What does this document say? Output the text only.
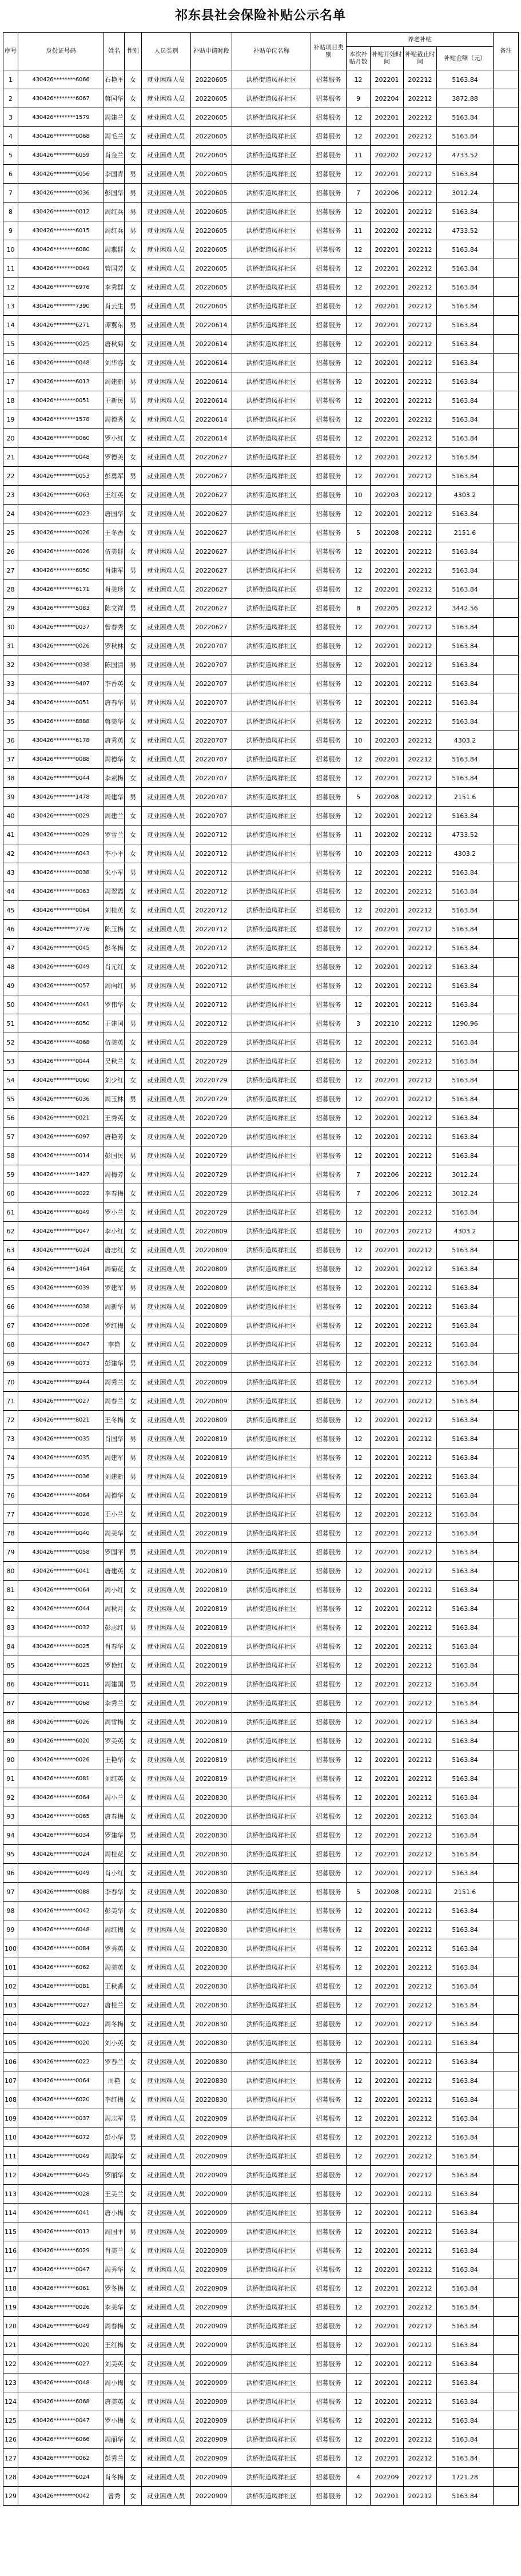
祁东县社会保险补贴公示名单
序号	身份证号码	姓名	性别	人员类别	补贴申请时段	补贴单位名称	补贴项目类别	养老补贴				备注
								本次补贴月数	补贴开始时间	补贴截止时间	补贴金额（元）	
1	430426********6066	石艳平	女	就业困难人员	20220605	洪桥街道凤祥社区	招募服务	12	202201	202212	5163.84	
2	430426********6067	蒋园华	女	就业困难人员	20220605	洪桥街道凤祥社区	招募服务	9	202204	202212	3872.88	
3	430426********1579	周建兰	女	就业困难人员	20220605	洪桥街道凤祥社区	招募服务	12	202201	202212	5163.84	
4	430426********0068	周毛兰	女	就业困难人员	20220605	洪桥街道凤祥社区	招募服务	12	202201	202212	5163.84	
5	430426********6059	肖金兰	女	就业困难人员	20220605	洪桥街道凤祥社区	招募服务	11	202202	202212	4733.52	
6	430426********0056	李国青	男	就业困难人员	20220605	洪桥街道凤祥社区	招募服务	12	202201	202212	5163.84	
7	430426********0036	彭国华	男	就业困难人员	20220605	洪桥街道凤祥社区	招募服务	7	202206	202212	3012.24	
8	430426********0012	周红兵	男	就业困难人员	20220605	洪桥街道凤祥社区	招募服务	12	202201	202212	5163.84	
9	430426********6015	周红兵	男	就业困难人员	20220605	洪桥街道凤祥社区	招募服务	11	202202	202212	4733.52	
10	430426********6080	周燕群	女	就业困难人员	20220605	洪桥街道凤祥社区	招募服务	12	202201	202212	5163.84	
11	430426********0049	管国芳	女	就业困难人员	20220605	洪桥街道凤祥社区	招募服务	12	202201	202212	5163.84	
12	430426********6976	李秀群	女	就业困难人员	20220605	洪桥街道凤祥社区	招募服务	12	202201	202212	5163.84	
13	430426********7390	肖云生	男	就业困难人员	20220605	洪桥街道凤祥社区	招募服务	12	202201	202212	5163.84	
14	430426********6271	谭翼东	男	就业困难人员	20220614	洪桥街道凤祥社区	招募服务	12	202201	202212	5163.84	
15	430426********0025	唐秋菊	女	就业困难人员	20220614	洪桥街道凤祥社区	招募服务	12	202201	202212	5163.84	
16	430426********0048	刘华容	女	就业困难人员	20220614	洪桥街道凤祥社区	招募服务	12	202201	202212	5163.84	
17	430426********6013	周建新	男	就业困难人员	20220614	洪桥街道凤祥社区	招募服务	12	202201	202212	5163.84	
18	430426********0051	王新民	男	就业困难人员	20220614	洪桥街道凤祥社区	招募服务	12	202201	202212	5163.84	
19	430426********1578	周德秀	女	就业困难人员	20220614	洪桥街道凤祥社区	招募服务	12	202201	202212	5163.84	
20	430426********0060	罗小红	女	就业困难人员	20220614	洪桥街道凤祥社区	招募服务	12	202201	202212	5163.84	
21	430426********0048	罗德美	女	就业困难人员	20220627	洪桥街道凤祥社区	招募服务	12	202201	202212	5163.84	
22	430426********0053	彭勇军	男	就业困难人员	20220627	洪桥街道凤祥社区	招募服务	12	202201	202212	5163.84	
23	430426********6063	王红英	女	就业困难人员	20220627	洪桥街道凤祥社区	招募服务	10	202203	202212	4303.2	
24	430426********6023	唐国华	女	就业困难人员	20220627	洪桥街道凤祥社区	招募服务	12	202201	202212	5163.84	
25	430426********0026	王冬香	女	就业困难人员	20220627	洪桥街道凤祥社区	招募服务	5	202208	202212	2151.6	
26	430426********0026	伍美群	女	就业困难人员	20220627	洪桥街道凤祥社区	招募服务	12	202201	202212	5163.84	
27	430426********6050	肖建军	男	就业困难人员	20220627	洪桥街道凤祥社区	招募服务	12	202201	202212	5163.84	
28	430426********6171	肖美珍	女	就业困难人员	20220627	洪桥街道凤祥社区	招募服务	12	202201	202212	5163.84	
29	430426********5083	陈文祥	男	就业困难人员	20220627	洪桥街道凤祥社区	招募服务	8	202205	202212	3442.56	
30	430426********0037	曾春秀	女	就业困难人员	20220627	洪桥街道凤祥社区	招募服务	12	202201	202212	5163.84	
31	430426********0026	罗秋林	女	就业困难人员	20220707	洪桥街道凤祥社区	招募服务	12	202201	202212	5163.84	
32	430426********0038	陈国清	男	就业困难人员	20220707	洪桥街道凤祥社区	招募服务	12	202201	202212	5163.84	
33	430426********9407	李香英	女	就业困难人员	20220707	洪桥街道凤祥社区	招募服务	12	202201	202212	5163.84	
34	430426********0051	唐春华	男	就业困难人员	20220707	洪桥街道凤祥社区	招募服务	12	202201	202212	5163.84	
35	430426********8888	蒋美华	女	就业困难人员	20220707	洪桥街道凤祥社区	招募服务	12	202201	202212	5163.84	
36	430426********6178	唐秀英	女	就业困难人员	20220707	洪桥街道凤祥社区	招募服务	10	202203	202212	4303.2	
37	430426********0088	周德华	女	就业困难人员	20220707	洪桥街道凤祥社区	招募服务	12	202201	202212	5163.84	
38	430426********0044	李素梅	女	就业困难人员	20220707	洪桥街道凤祥社区	招募服务	12	202201	202212	5163.84	
39	430426********1478	周建华	男	就业困难人员	20220707	洪桥街道凤祥社区	招募服务	5	202208	202212	2151.6	
40	430426********0029	周建兰	女	就业困难人员	20220707	洪桥街道凤祥社区	招募服务	12	202201	202212	5163.84	
41	430426********0029	罗雪兰	女	就业困难人员	20220712	洪桥街道凤祥社区	招募服务	11	202202	202212	4733.52	
42	430426********6043	李小平	女	就业困难人员	20220712	洪桥街道凤祥社区	招募服务	10	202203	202212	4303.2	
43	430426********0038	朱小军	男	就业困难人员	20220712	洪桥街道凤祥社区	招募服务	12	202201	202212	5163.84	
44	430426********0063	周翠霞	女	就业困难人员	20220712	洪桥街道凤祥社区	招募服务	12	202201	202212	5163.84	
45	430426********0064	刘桂英	女	就业困难人员	20220712	洪桥街道凤祥社区	招募服务	12	202201	202212	5163.84	
46	430426********7776	陈玉梅	女	就业困难人员	20220712	洪桥街道凤祥社区	招募服务	12	202201	202212	5163.84	
47	430426********0045	彭冬梅	女	就业困难人员	20220712	洪桥街道凤祥社区	招募服务	12	202201	202212	5163.84	
48	430426********6049	肖元红	女	就业困难人员	20220712	洪桥街道凤祥社区	招募服务	12	202201	202212	5163.84	
49	430426********0057	周向红	男	就业困难人员	20220712	洪桥街道凤祥社区	招募服务	12	202201	202212	5163.84	
50	430426********6041	罗伟华	女	就业困难人员	20220712	洪桥街道凤祥社区	招募服务	12	202201	202212	5163.84	
51	430426********6050	王建国	男	就业困难人员	20220712	洪桥街道凤祥社区	招募服务	3	202210	202212	1290.96	
52	430426********4068	伍美英	女	就业困难人员	20220729	洪桥街道凤祥社区	招募服务	12	202201	202212	5163.84	
53	430426********0044	吴秋兰	女	就业困难人员	20220729	洪桥街道凤祥社区	招募服务	12	202201	202212	5163.84	
54	430426********0060	刘少红	女	就业困难人员	20220729	洪桥街道凤祥社区	招募服务	12	202201	202212	5163.84	
55	430426********6036	周玉林	男	就业困难人员	20220729	洪桥街道凤祥社区	招募服务	12	202201	202212	5163.84	
56	430426********0021	王秀英	女	就业困难人员	20220729	洪桥街道凤祥社区	招募服务	12	202201	202212	5163.84	
57	430426********6097	唐艳芳	女	就业困难人员	20220729	洪桥街道凤祥社区	招募服务	12	202201	202212	5163.84	
58	430426********0014	彭国民	男	就业困难人员	20220729	洪桥街道凤祥社区	招募服务	12	202201	202212	5163.84	
59	430426********1427	周梅芳	女	就业困难人员	20220729	洪桥街道凤祥社区	招募服务	7	202206	202212	3012.24	
60	430426********0022	李春梅	女	就业困难人员	20220729	洪桥街道凤祥社区	招募服务	7	202206	202212	3012.24	
61	430426********6049	罗小兰	女	就业困难人员	20220729	洪桥街道凤祥社区	招募服务	12	202201	202212	5163.84	
62	430426********0047	李小红	女	就业困难人员	20220809	洪桥街道凤祥社区	招募服务	10	202203	202212	4303.2	
63	430426********6024	唐志红	女	就业困难人员	20220809	洪桥街道凤祥社区	招募服务	12	202201	202212	5163.84	
64	430426********1464	周菊花	女	就业困难人员	20220809	洪桥街道凤祥社区	招募服务	12	202201	202212	5163.84	
65	430426********6039	罗建军	男	就业困难人员	20220809	洪桥街道凤祥社区	招募服务	12	202201	202212	5163.84	
66	430426********6038	周新华	男	就业困难人员	20220809	洪桥街道凤祥社区	招募服务	12	202201	202212	5163.84	
67	430426********0026	罗红梅	女	就业困难人员	20220809	洪桥街道凤祥社区	招募服务	12	202201	202212	5163.84	
68	430426********6047	李艳	女	就业困难人员	20220809	洪桥街道凤祥社区	招募服务	12	202201	202212	5163.84	
69	430426********0073	彭建华	男	就业困难人员	20220809	洪桥街道凤祥社区	招募服务	12	202201	202212	5163.84	
70	430426********8944	周秀兰	女	就业困难人员	20220809	洪桥街道凤祥社区	招募服务	12	202201	202212	5163.84	
71	430426********0027	周春兰	女	就业困难人员	20220809	洪桥街道凤祥社区	招募服务	12	202201	202212	5163.84	
72	430426********8021	王冬梅	女	就业困难人员	20220809	洪桥街道凤祥社区	招募服务	12	202201	202212	5163.84	
73	430426********0035	肖国华	男	就业困难人员	20220819	洪桥街道凤祥社区	招募服务	12	202201	202212	5163.84	
74	430426********6035	周建军	男	就业困难人员	20220819	洪桥街道凤祥社区	招募服务	12	202201	202212	5163.84	
75	430426********0036	刘建新	男	就业困难人员	20220819	洪桥街道凤祥社区	招募服务	12	202201	202212	5163.84	
76	430426********4064	周德华	女	就业困难人员	20220819	洪桥街道凤祥社区	招募服务	12	202201	202212	5163.84	
77	430426********6026	王小兰	女	就业困难人员	20220819	洪桥街道凤祥社区	招募服务	12	202201	202212	5163.84	
78	430426********0040	周美华	女	就业困难人员	20220819	洪桥街道凤祥社区	招募服务	12	202201	202212	5163.84	
79	430426********0058	罗国平	男	就业困难人员	20220819	洪桥街道凤祥社区	招募服务	12	202201	202212	5163.84	
80	430426********6041	唐建英	女	就业困难人员	20220819	洪桥街道凤祥社区	招募服务	12	202201	202212	5163.84	
81	430426********0064	周小红	女	就业困难人员	20220819	洪桥街道凤祥社区	招募服务	12	202201	202212	5163.84	
82	430426********6044	周秋月	女	就业困难人员	20220819	洪桥街道凤祥社区	招募服务	12	202201	202212	5163.84	
83	430426********0032	彭志红	男	就业困难人员	20220819	洪桥街道凤祥社区	招募服务	12	202201	202212	5163.84	
84	430426********0025	肖春华	女	就业困难人员	20220819	洪桥街道凤祥社区	招募服务	12	202201	202212	5163.84	
85	430426********6025	罗艳红	女	就业困难人员	20220819	洪桥街道凤祥社区	招募服务	12	202201	202212	5163.84	
86	430426********0011	周建国	男	就业困难人员	20220819	洪桥街道凤祥社区	招募服务	12	202201	202212	5163.84	
87	430426********0068	李秀兰	女	就业困难人员	20220819	洪桥街道凤祥社区	招募服务	12	202201	202212	5163.84	
88	430426********6026	周雪梅	女	就业困难人员	20220819	洪桥街道凤祥社区	招募服务	12	202201	202212	5163.84	
89	430426********6020	罗美英	女	就业困难人员	20220819	洪桥街道凤祥社区	招募服务	12	202201	202212	5163.84	
90	430426********0026	王艳华	女	就业困难人员	20220819	洪桥街道凤祥社区	招募服务	12	202201	202212	5163.84	
91	430426********6081	刘红英	女	就业困难人员	20220819	洪桥街道凤祥社区	招募服务	12	202201	202212	5163.84	
92	430426********6064	周小兰	女	就业困难人员	20220830	洪桥街道凤祥社区	招募服务	12	202201	202212	5163.84	
93	430426********0065	唐春梅	女	就业困难人员	20220830	洪桥街道凤祥社区	招募服务	12	202201	202212	5163.84	
94	430426********6034	罗建华	男	就业困难人员	20220830	洪桥街道凤祥社区	招募服务	12	202201	202212	5163.84	
95	430426********0024	周桂花	女	就业困难人员	20220830	洪桥街道凤祥社区	招募服务	12	202201	202212	5163.84	
96	430426********6049	肖小红	女	就业困难人员	20220830	洪桥街道凤祥社区	招募服务	12	202201	202212	5163.84	
97	430426********0088	李春华	女	就业困难人员	20220830	洪桥街道凤祥社区	招募服务	5	202208	202212	2151.6	
98	430426********0042	彭美华	女	就业困难人员	20220830	洪桥街道凤祥社区	招募服务	12	202201	202212	5163.84	
99	430426********6048	周红梅	女	就业困难人员	20220830	洪桥街道凤祥社区	招募服务	12	202201	202212	5163.84	
100	430426********0084	罗秀英	女	就业困难人员	20220830	洪桥街道凤祥社区	招募服务	12	202201	202212	5163.84	
101	430426********6062	周美英	女	就业困难人员	20220830	洪桥街道凤祥社区	招募服务	12	202201	202212	5163.84	
102	430426********0081	王秋香	女	就业困难人员	20220830	洪桥街道凤祥社区	招募服务	12	202201	202212	5163.84	
103	430426********0027	唐桂兰	女	就业困难人员	20220830	洪桥街道凤祥社区	招募服务	12	202201	202212	5163.84	
104	430426********6023	周冬梅	女	就业困难人员	20220830	洪桥街道凤祥社区	招募服务	12	202201	202212	5163.84	
105	430426********0020	刘小英	女	就业困难人员	20220830	洪桥街道凤祥社区	招募服务	12	202201	202212	5163.84	
106	430426********6022	罗春兰	女	就业困难人员	20220830	洪桥街道凤祥社区	招募服务	12	202201	202212	5163.84	
107	430426********0064	周艳	女	就业困难人员	20220830	洪桥街道凤祥社区	招募服务	12	202201	202212	5163.84	
108	430426********6020	李红梅	女	就业困难人员	20220830	洪桥街道凤祥社区	招募服务	12	202201	202212	5163.84	
109	430426********0037	周志军	男	就业困难人员	20220909	洪桥街道凤祥社区	招募服务	12	202201	202212	5163.84	
110	430426********6072	彭小华	男	就业困难人员	20220909	洪桥街道凤祥社区	招募服务	12	202201	202212	5163.84	
111	430426********0049	周淑华	女	就业困难人员	20220909	洪桥街道凤祥社区	招募服务	12	202201	202212	5163.84	
112	430426********6045	罗丽华	女	就业困难人员	20220909	洪桥街道凤祥社区	招募服务	12	202201	202212	5163.84	
113	430426********0028	王美兰	女	就业困难人员	20220909	洪桥街道凤祥社区	招募服务	12	202201	202212	5163.84	
114	430426********6041	唐小梅	女	就业困难人员	20220909	洪桥街道凤祥社区	招募服务	12	202201	202212	5163.84	
115	430426********0013	周国平	男	就业困难人员	20220909	洪桥街道凤祥社区	招募服务	12	202201	202212	5163.84	
116	430426********6029	肖美兰	女	就业困难人员	20220909	洪桥街道凤祥社区	招募服务	12	202201	202212	5163.84	
117	430426********0047	周秀华	女	就业困难人员	20220909	洪桥街道凤祥社区	招募服务	12	202201	202212	5163.84	
118	430426********6061	罗冬梅	女	就业困难人员	20220909	洪桥街道凤祥社区	招募服务	12	202201	202212	5163.84	
119	430426********0026	李美华	女	就业困难人员	20220909	洪桥街道凤祥社区	招募服务	12	202201	202212	5163.84	
120	430426********6049	周春梅	女	就业困难人员	20220909	洪桥街道凤祥社区	招募服务	12	202201	202212	5163.84	
121	430426********0020	王红梅	女	就业困难人员	20220909	洪桥街道凤祥社区	招募服务	12	202201	202212	5163.84	
122	430426********6027	刘美英	女	就业困难人员	20220909	洪桥街道凤祥社区	招募服务	12	202201	202212	5163.84	
123	430426********0048	周小梅	女	就业困难人员	20220909	洪桥街道凤祥社区	招募服务	12	202201	202212	5163.84	
124	430426********6068	唐美英	女	就业困难人员	20220909	洪桥街道凤祥社区	招募服务	12	202201	202212	5163.84	
125	430426********0047	罗小梅	女	就业困难人员	20220909	洪桥街道凤祥社区	招募服务	12	202201	202212	5163.84	
126	430426********6066	周丽华	女	就业困难人员	20220909	洪桥街道凤祥社区	招募服务	12	202201	202212	5163.84	
127	430426********0062	彭秀兰	女	就业困难人员	20220909	洪桥街道凤祥社区	招募服务	12	202201	202212	5163.84	
128	430426********6024	肖冬梅	女	就业困难人员	20220909	洪桥街道凤祥社区	招募服务	4	202209	202212	1721.28	
129	430426********0042	曾秀	女	就业困难人员	20220909	洪桥街道凤祥社区	招募服务	12	202201	202212	5163.84	
